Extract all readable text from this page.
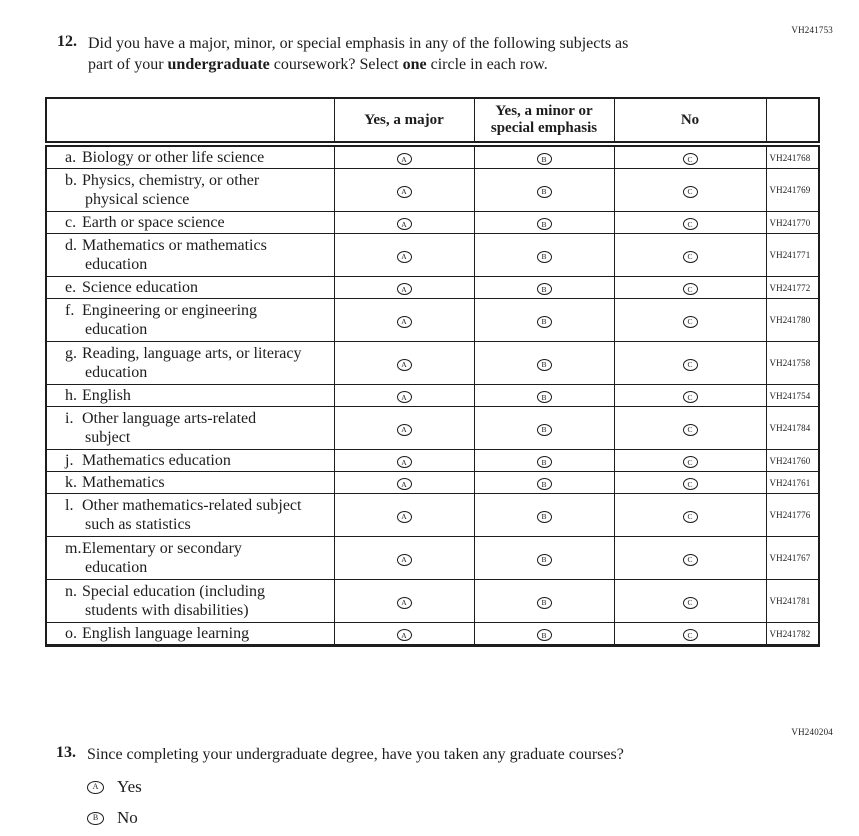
VH241753
12. Did you have a major, minor, or special emphasis in any of the following subjects as
part of your undergraduate coursework? Select one circle in each row.
	Yes, a major	Yes, a minor or special emphasis	No	
a. Biology or other life science	A	B	C	VH241768
b. Physics, chemistry, or other physical science	A	B	C	VH241769
c. Earth or space science	A	B	C	VH241770
d. Mathematics or mathematics education	A	B	C	VH241771
e. Science education	A	B	C	VH241772
f. Engineering or engineering education	A	B	C	VH241780
g. Reading, language arts, or literacy education	A	B	C	VH241758
h. English	A	B	C	VH241754
i. Other language arts-related subject	A	B	C	VH241784
j. Mathematics education	A	B	C	VH241760
k. Mathematics	A	B	C	VH241761
l. Other mathematics-related subject such as statistics	A	B	C	VH241776
m.Elementary or secondary education	A	B	C	VH241767
n. Special education (including students with disabilities)	A	B	C	VH241781
o. English language learning	A	B	C	VH241782
VH240204
13. Since completing your undergraduate degree, have you taken any graduate courses?
A	Yes
B	No
